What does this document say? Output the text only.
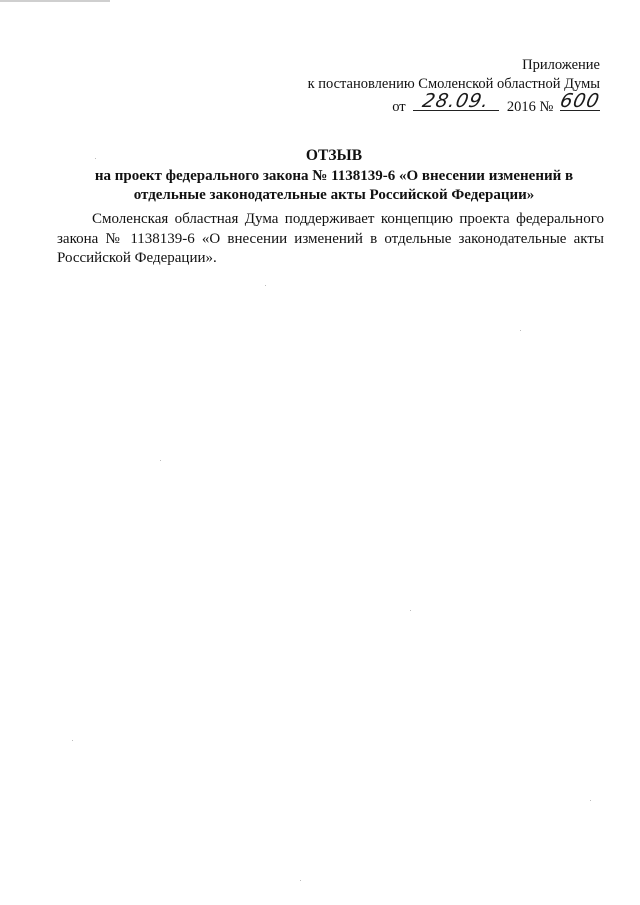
Приложение
к постановлению Смоленской областной Думы
от 28.09.	2016 № 600
ОТЗЫВ
на проект федерального закона № 1138139-6 «О внесении изменений в
отдельные законодательные акты Российской Федерации»
Смоленская областная Дума поддерживает концепцию проекта федерального закона № 1138139-6 «О внесении изменений в отдельные законодательные акты Российской Федерации».
